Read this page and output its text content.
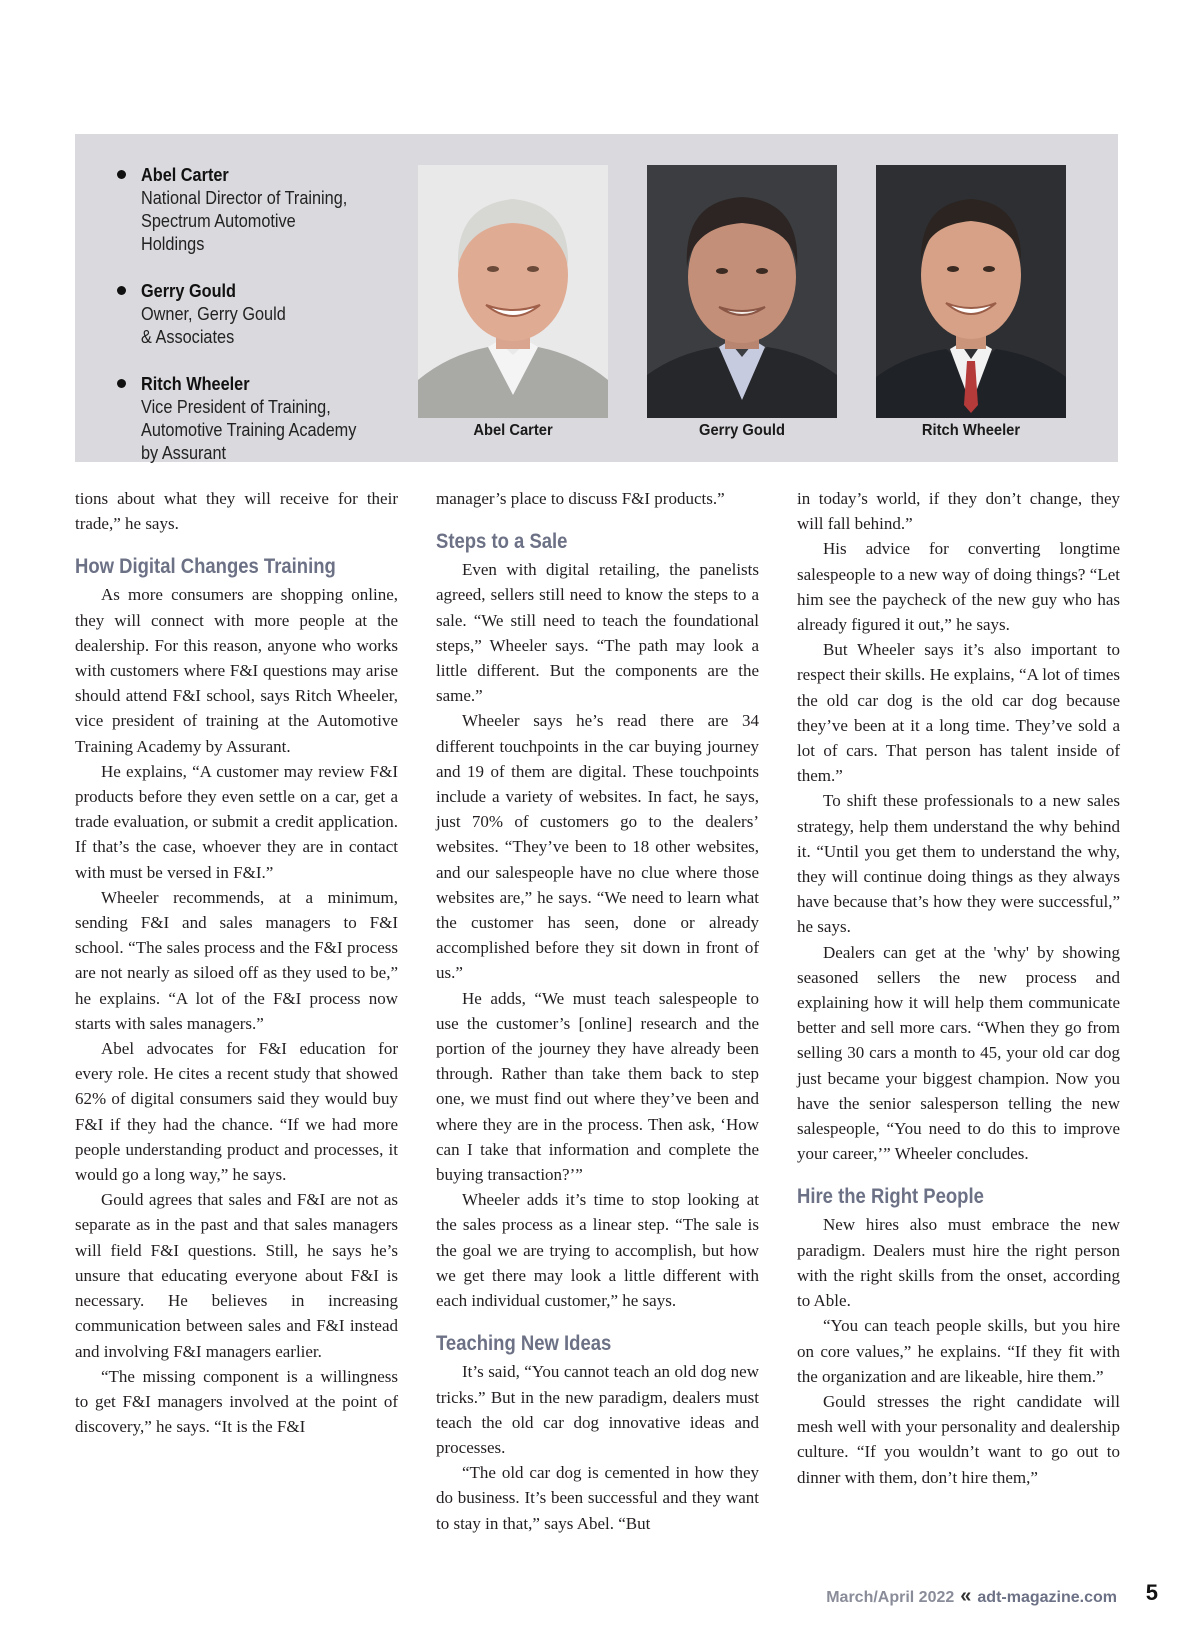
Abel Carter
National Director of Training,
Spectrum Automotive Holdings
Gerry Gould
Owner, Gerry Gould
& Associates
Ritch Wheeler
Vice President of Training,
Automotive Training Academy
by Assurant
Abel Carter	Gerry Gould	Ritch Wheeler

tions about what they will receive for their trade,” he says.

How Digital Changes Training

As more consumers are shopping online, they will connect with more people at the dealership. For this reason, anyone who works with customers where F&I questions may arise should attend F&I school, says Ritch Wheeler, vice president of training at the Automotive Training Academy by Assurant.

He explains, “A customer may review F&I products before they even settle on a car, get a trade evaluation, or submit a credit application. If that’s the case, whoever they are in contact with must be versed in F&I.”

Wheeler recommends, at a minimum, sending F&I and sales managers to F&I school. “The sales process and the F&I process are not nearly as siloed off as they used to be,” he explains. “A lot of the F&I process now starts with sales managers.”

Abel advocates for F&I education for every role. He cites a recent study that showed 62% of digital consumers said they would buy F&I if they had the chance. “If we had more people understanding product and processes, it would go a long way,” he says.

Gould agrees that sales and F&I are not as separate as in the past and that sales managers will field F&I questions. Still, he says he’s unsure that educating everyone about F&I is necessary. He believes in increasing communication between sales and F&I instead and involving F&I managers earlier.

“The missing component is a willingness to get F&I managers involved at the point of discovery,” he says. “It is the F&I

manager’s place to discuss F&I products.”

Steps to a Sale

Even with digital retailing, the panelists agreed, sellers still need to know the steps to a sale. “We still need to teach the foundational steps,” Wheeler says. “The path may look a little different. But the components are the same.”

Wheeler says he’s read there are 34 different touchpoints in the car buying journey and 19 of them are digital. These touchpoints include a variety of websites. In fact, he says, just 70% of customers go to the dealers’ websites. “They’ve been to 18 other websites, and our salespeople have no clue where those websites are,” he says. “We need to learn what the customer has seen, done or already accomplished before they sit down in front of us.”

He adds, “We must teach salespeople to use the customer’s [online] research and the portion of the journey they have already been through. Rather than take them back to step one, we must find out where they’ve been and where they are in the process. Then ask, ‘How can I take that information and complete the buying transaction?’”

Wheeler adds it’s time to stop looking at the sales process as a linear step. “The sale is the goal we are trying to accomplish, but how we get there may look a little different with each individual customer,” he says.

Teaching New Ideas

It’s said, “You cannot teach an old dog new tricks.” But in the new paradigm, dealers must teach the old car dog innovative ideas and processes.

“The old car dog is cemented in how they do business. It’s been successful and they want to stay in that,” says Abel. “But

in today’s world, if they don’t change, they will fall behind.”

His advice for converting longtime salespeople to a new way of doing things? “Let him see the paycheck of the new guy who has already figured it out,” he says.

But Wheeler says it’s also important to respect their skills. He explains, “A lot of times the old car dog is the old car dog because they’ve been at it a long time. They’ve sold a lot of cars. That person has talent inside of them.”

To shift these professionals to a new sales strategy, help them understand the why behind it. “Until you get them to understand the why, they will continue doing things as they always have because that’s how they were successful,” he says.

Dealers can get at the 'why' by showing seasoned sellers the new process and explaining how it will help them communicate better and sell more cars. “When they go from selling 30 cars a month to 45, your old car dog just became your biggest champion. Now you have the senior salesperson telling the new salespeople, “You need to do this to improve your career,’” Wheeler concludes.

Hire the Right People

New hires also must embrace the new paradigm. Dealers must hire the right person with the right skills from the onset, according to Able.

“You can teach people skills, but you hire on core values,” he explains. “If they fit with the organization and are likeable, hire them.”

Gould stresses the right candidate will mesh well with your personality and dealership culture. “If you wouldn’t want to go out to dinner with them, don’t hire them,”

March/April 2022 « adt-magazine.com 5
